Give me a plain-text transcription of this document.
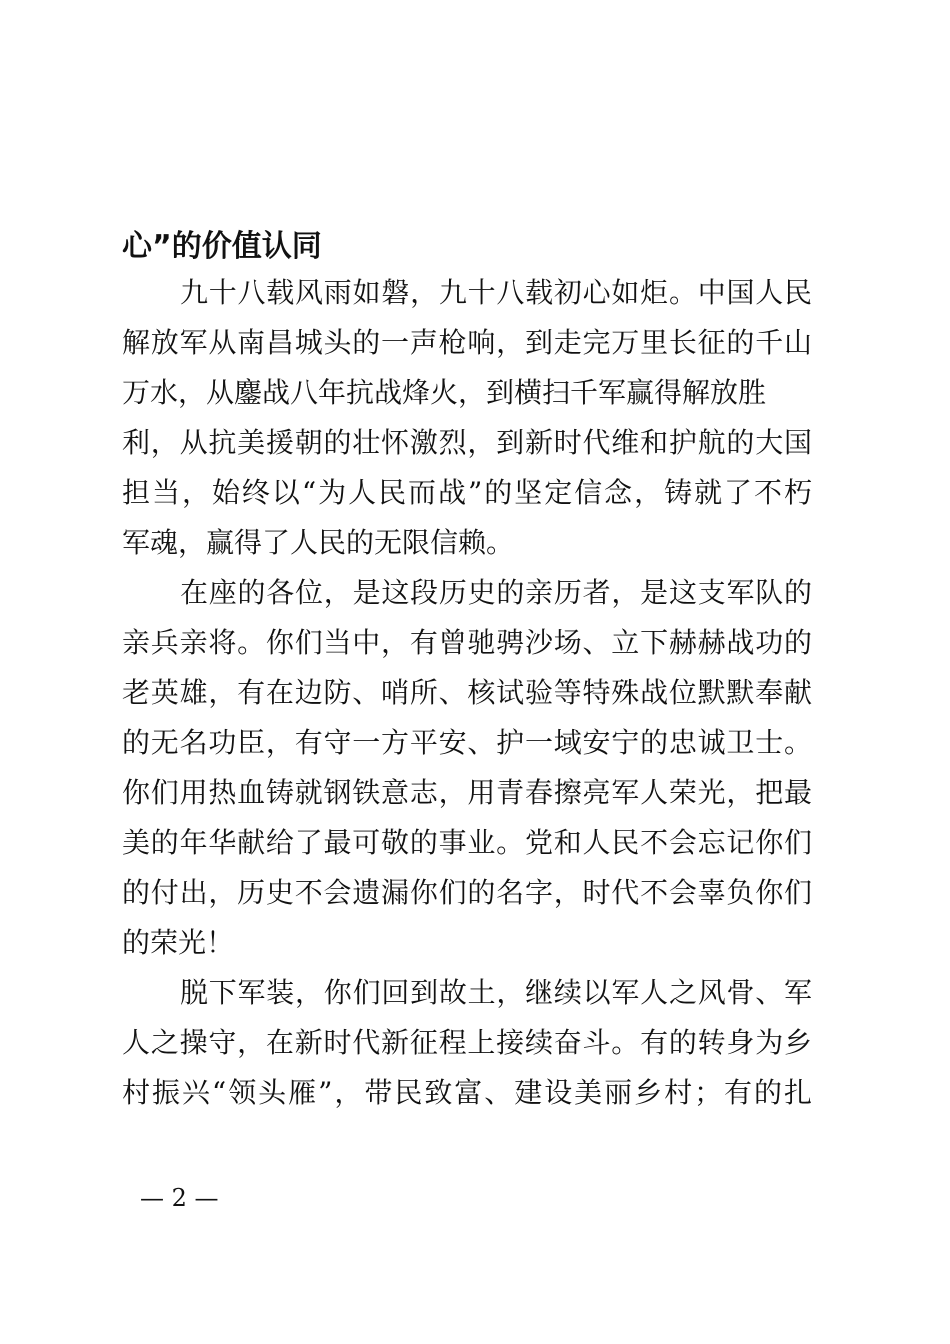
心”的价值认同
九十八载风雨如磐，九十八载初心如炬。中国人民
解放军从南昌城头的一声枪响，到走完万里长征的千山
万水，从鏖战八年抗战烽火，到横扫千军赢得解放胜
利，从抗美援朝的壮怀激烈，到新时代维和护航的大国
担当，始终以“为人民而战”的坚定信念，铸就了不朽
军魂，赢得了人民的无限信赖。
在座的各位，是这段历史的亲历者，是这支军队的
亲兵亲将。你们当中，有曾驰骋沙场、立下赫赫战功的
老英雄，有在边防、哨所、核试验等特殊战位默默奉献
的无名功臣，有守一方平安、护一域安宁的忠诚卫士。
你们用热血铸就钢铁意志，用青春擦亮军人荣光，把最
美的年华献给了最可敬的事业。党和人民不会忘记你们
的付出，历史不会遗漏你们的名字，时代不会辜负你们
的荣光！
脱下军装，你们回到故土，继续以军人之风骨、军
人之操守，在新时代新征程上接续奋斗。有的转身为乡
村振兴“领头雁”，带民致富、建设美丽乡村；有的扎
— 2 —
